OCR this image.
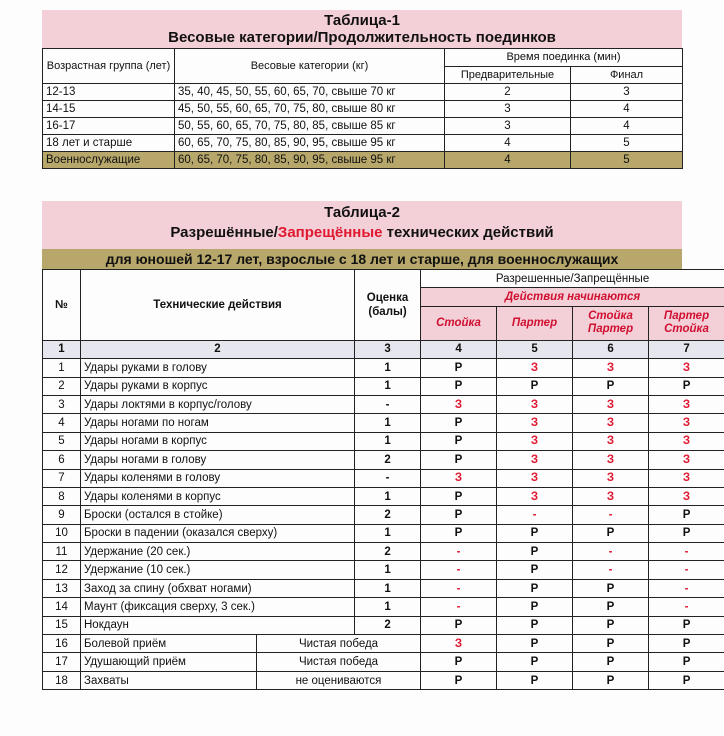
Таблица-1
Весовые категории/Продолжительность поединков
Возрастная группа (лет)	Весовые категории (кг)	Время поединка (мин)	
		Предварительные	Финал
12-13	35, 40, 45, 50, 55, 60, 65, 70, свыше 70 кг	2	3
14-15	45, 50, 55, 60, 65, 70, 75, 80, свыше 80 кг	3	4
16-17	50, 55, 60, 65, 70, 75, 80, 85, свыше 85 кг	3	4
18 лет и старше	60, 65, 70, 75, 80, 85, 90, 95, свыше 95 кг	4	5
Военнослужащие	60, 65, 70, 75, 80, 85, 90, 95, свыше 95 кг	4	5
Таблица-2
Разрешённые/Запрещённые технических действий
для юношей 12-17 лет, взрослые с 18 лет и старше, для военнослужащих
№	Технические действия		Оценка (балы)	Разрешенные/Запрещённые			
				Действия начинаются			
				Стойка	Партер	Стойка Партер	Партер Стойка
1	2		3	4	5	6	7
1	Удары руками в голову		1	Р	З	З	З
2	Удары руками в корпус		1	Р	Р	Р	Р
3	Удары локтями в корпус/голову		-	З	З	З	З
4	Удары ногами по ногам		1	Р	З	З	З
5	Удары ногами в корпус		1	Р	З	З	З
6	Удары ногами в голову		2	Р	З	З	З
7	Удары коленями в голову		-	З	З	З	З
8	Удары коленями в корпус		1	Р	З	З	З
9	Броски (остался в стойке)		2	Р	-	-	Р
10	Броски в падении (оказался сверху)		1	Р	Р	Р	Р
11	Удержание (20 сек.)		2	-	Р	-	-
12	Удержание (10 сек.)		1	-	Р	-	-
13	Заход за спину (обхват ногами)		1	-	Р	Р	-
14	Маунт (фиксация сверху, 3 сек.)		1	-	Р	Р	-
15	Нокдаун		2	Р	Р	Р	Р
16	Болевой приём	Чистая победа		З	Р	Р	Р
17	Удушающий приём	Чистая победа		Р	Р	Р	Р
18	Захваты	не оцениваются		Р	Р	Р	Р
